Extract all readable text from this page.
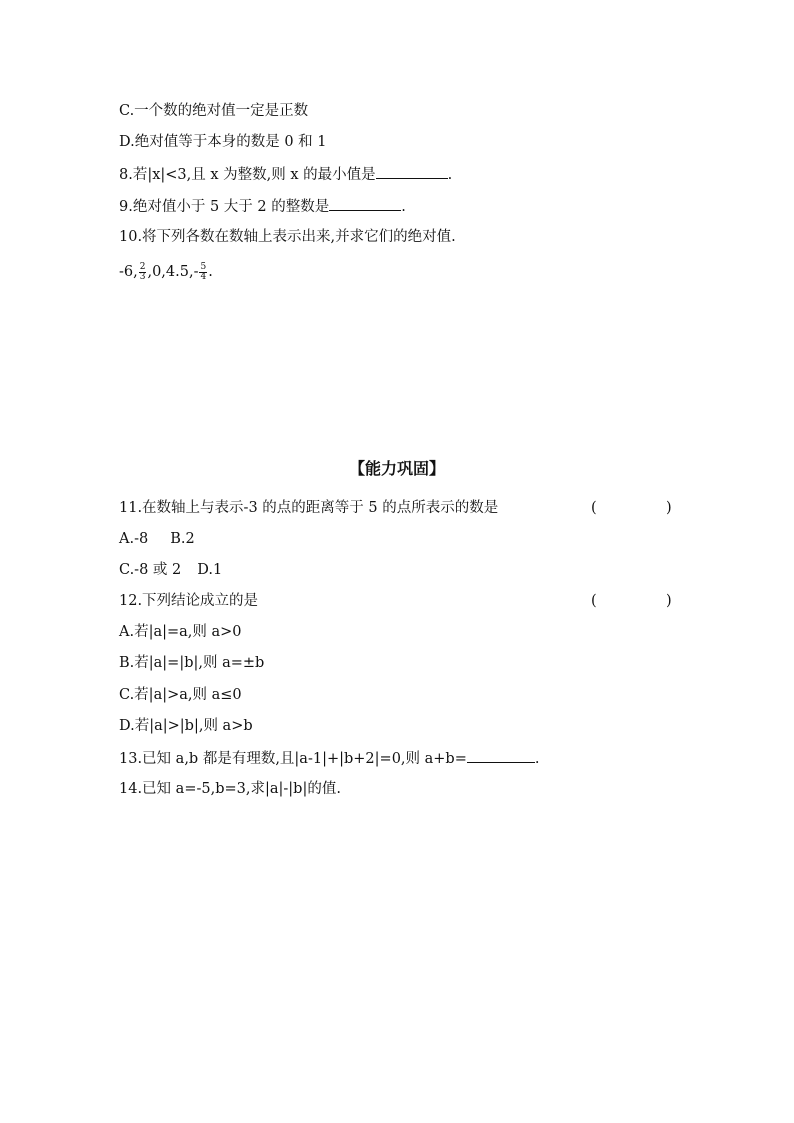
C.一个数的绝对值一定是正数
D.绝对值等于本身的数是 0 和 1
8.若|x|<3,且 x 为整数,则 x 的最小值是	.
9.绝对值小于 5 大于 2 的整数是	.
10.将下列各数在数轴上表示出来,并求它们的绝对值.
-6, $\frac{2}{3} ,0,4.5,- \frac{5}{4}$ .
【能力巩固】
11.在数轴上与表示-3 的点的距离等于 5 的点所表示的数是	(	)
A.-8 B.2
C.-8 或 2 D.1
12.下列结论成立的是	(	)
A.若|a|=a,则 a>0
B.若|a|=|b|,则 a=±b
C.若|a|>a,则 a≤0
D.若|a|>|b|,则 a>b
13.已知 a,b 都是有理数,且|a-1|+|b+2|=0,则 a+b=	.
14.已知 a=-5,b=3,求|a|-|b|的值.
